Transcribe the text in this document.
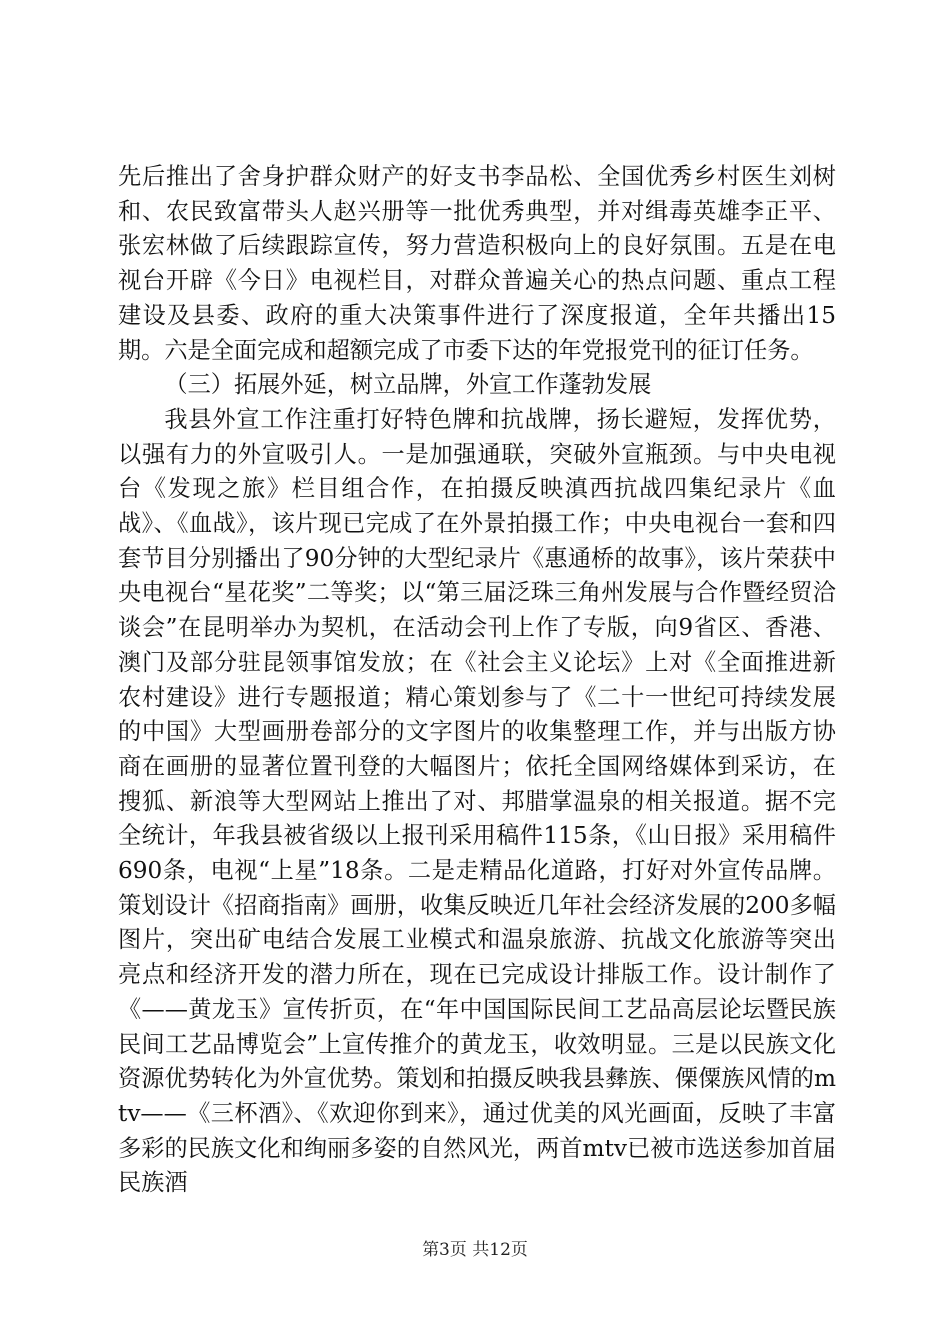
先后推出了舍身护群众财产的好支书李品松、全国优秀乡村医生刘树和、农民致富带头人赵兴册等一批优秀典型，并对缉毒英雄李正平、张宏林做了后续跟踪宣传，努力营造积极向上的良好氛围。五是在电视台开辟《今日》电视栏目，对群众普遍关心的热点问题、重点工程建设及县委、政府的重大决策事件进行了深度报道，全年共播出15期。六是全面完成和超额完成了市委下达的年党报党刊的征订任务。

（三）拓展外延，树立品牌，外宣工作蓬勃发展

我县外宣工作注重打好特色牌和抗战牌，扬长避短，发挥优势，以强有力的外宣吸引人。一是加强通联，突破外宣瓶颈。与中央电视台《发现之旅》栏目组合作，在拍摄反映滇西抗战四集纪录片《血战》、《血战》，该片现已完成了在外景拍摄工作；中央电视台一套和四套节目分别播出了90分钟的大型纪录片《惠通桥的故事》，该片荣获中央电视台“星花奖”二等奖；以“第三届泛珠三角州发展与合作暨经贸洽谈会”在昆明举办为契机，在活动会刊上作了专版，向9省区、香港、澳门及部分驻昆领事馆发放；在《社会主义论坛》上对《全面推进新农村建设》进行专题报道；精心策划参与了《二十一世纪可持续发展的中国》大型画册卷部分的文字图片的收集整理工作，并与出版方协商在画册的显著位置刊登的大幅图片；依托全国网络媒体到采访，在搜狐、新浪等大型网站上推出了对、邦腊掌温泉的相关报道。据不完全统计，年我县被省级以上报刊采用稿件115条，《山日报》采用稿件690条，电视“上星”18条。二是走精品化道路，打好对外宣传品牌。策划设计《招商指南》画册，收集反映近几年社会经济发展的200多幅图片，突出矿电结合发展工业模式和温泉旅游、抗战文化旅游等突出亮点和经济开发的潜力所在，现在已完成设计排版工作。设计制作了《——黄龙玉》宣传折页，在“年中国国际民间工艺品高层论坛暨民族民间工艺品博览会”上宣传推介的黄龙玉，收效明显。三是以民族文化资源优势转化为外宣优势。策划和拍摄反映我县彝族、傈僳族风情的mtv——《三杯酒》、《欢迎你到来》，通过优美的风光画面，反映了丰富多彩的民族文化和绚丽多姿的自然风光，两首mtv已被市选送参加首届民族酒

第3页 共12页
